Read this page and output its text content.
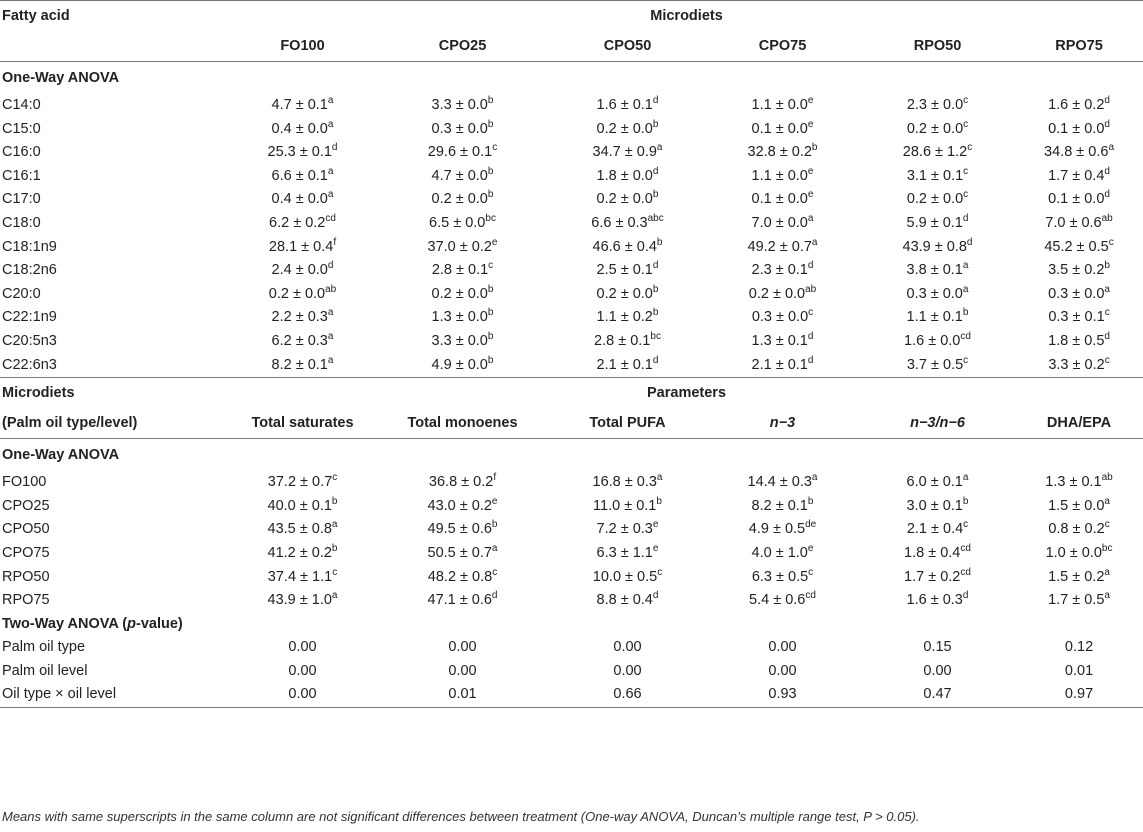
Fatty acid	Microdiets					
	FO100	CPO25	CPO50	CPO75	RPO50	RPO75
One-Way ANOVA						
C14:0	4.7 ± 0.1$^a$	3.3 ± 0.0$^b$	1.6 ± 0.1$^d$	1.1 ± 0.0$^e$	2.3 ± 0.0$^c$	1.6 ± 0.2$^d$
C15:0	0.4 ± 0.0$^a$	0.3 ± 0.0$^b$	0.2 ± 0.0$^b$	0.1 ± 0.0$^e$	0.2 ± 0.0$^c$	0.1 ± 0.0$^d$
C16:0	25.3 ± 0.1$^d$	29.6 ± 0.1$^c$	34.7 ± 0.9$^a$	32.8 ± 0.2$^b$	28.6 ± 1.2$^c$	34.8 ± 0.6$^a$
C16:1	6.6 ± 0.1$^a$	4.7 ± 0.0$^b$	1.8 ± 0.0$^d$	1.1 ± 0.0$^e$	3.1 ± 0.1$^c$	1.7 ± 0.4$^d$
C17:0	0.4 ± 0.0$^a$	0.2 ± 0.0$^b$	0.2 ± 0.0$^b$	0.1 ± 0.0$^e$	0.2 ± 0.0$^c$	0.1 ± 0.0$^d$
C18:0	6.2 ± 0.2$^{cd}$	6.5 ± 0.0$^{bc}$	6.6 ± 0.3$^{abc}$	7.0 ± 0.0$^a$	5.9 ± 0.1$^d$	7.0 ± 0.6$^{ab}$
C18:1n9	28.1 ± 0.4$^f$	37.0 ± 0.2$^e$	46.6 ± 0.4$^b$	49.2 ± 0.7$^a$	43.9 ± 0.8$^d$	45.2 ± 0.5$^c$
C18:2n6	2.4 ± 0.0$^d$	2.8 ± 0.1$^c$	2.5 ± 0.1$^d$	2.3 ± 0.1$^d$	3.8 ± 0.1$^a$	3.5 ± 0.2$^b$
C20:0	0.2 ± 0.0$^{ab}$	0.2 ± 0.0$^b$	0.2 ± 0.0$^b$	0.2 ± 0.0$^{ab}$	0.3 ± 0.0$^a$	0.3 ± 0.0$^a$
C22:1n9	2.2 ± 0.3$^a$	1.3 ± 0.0$^b$	1.1 ± 0.2$^b$	0.3 ± 0.0$^c$	1.1 ± 0.1$^b$	0.3 ± 0.1$^c$
C20:5n3	6.2 ± 0.3$^a$	3.3 ± 0.0$^b$	2.8 ± 0.1$^{bc}$	1.3 ± 0.1$^d$	1.6 ± 0.0$^{cd}$	1.8 ± 0.5$^d$
C22:6n3	8.2 ± 0.1$^a$	4.9 ± 0.0$^b$	2.1 ± 0.1$^d$	2.1 ± 0.1$^d$	3.7 ± 0.5$^c$	3.3 ± 0.2$^c$
Microdiets	Parameters					
(Palm oil type/level)	Total saturates	Total monoenes	Total PUFA	n−3	n−3/n−6	DHA/EPA
One-Way ANOVA						
FO100	37.2 ± 0.7$^c$	36.8 ± 0.2$^f$	16.8 ± 0.3$^a$	14.4 ± 0.3$^a$	6.0 ± 0.1$^a$	1.3 ± 0.1$^{ab}$
CPO25	40.0 ± 0.1$^b$	43.0 ± 0.2$^e$	11.0 ± 0.1$^b$	8.2 ± 0.1$^b$	3.0 ± 0.1$^b$	1.5 ± 0.0$^a$
CPO50	43.5 ± 0.8$^a$	49.5 ± 0.6$^b$	7.2 ± 0.3$^e$	4.9 ± 0.5de	2.1 ± 0.4$^c$	0.8 ± 0.2$^c$
CPO75	41.2 ± 0.2$^b$	50.5 ± 0.7$^a$	6.3 ± 1.1$^e$	4.0 ± 1.0$^e$	1.8 ± 0.4$^{cd}$	1.0 ± 0.0$^{bc}$
RPO50	37.4 ± 1.1$^c$	48.2 ± 0.8$^c$	10.0 ± 0.5$^c$	6.3 ± 0.5$^c$	1.7 ± 0.2$^{cd}$	1.5 ± 0.2$^a$
RPO75	43.9 ± 1.0$^a$	47.1 ± 0.6$^d$	8.8 ± 0.4$^d$	5.4 ± 0.6$^{cd}$	1.6 ± 0.3$^d$	1.7 ± 0.5$^a$
Two-Way ANOVA (p-value)						
Palm oil type	0.00	0.00	0.00	0.00	0.15	0.12
Palm oil level	0.00	0.00	0.00	0.00	0.00	0.01
Oil type × oil level	0.00	0.01	0.66	0.93	0.47	0.97
Means with same superscripts in the same column are not significant differences between treatment (One-way ANOVA, Duncan’s multiple range test, P > 0.05).
